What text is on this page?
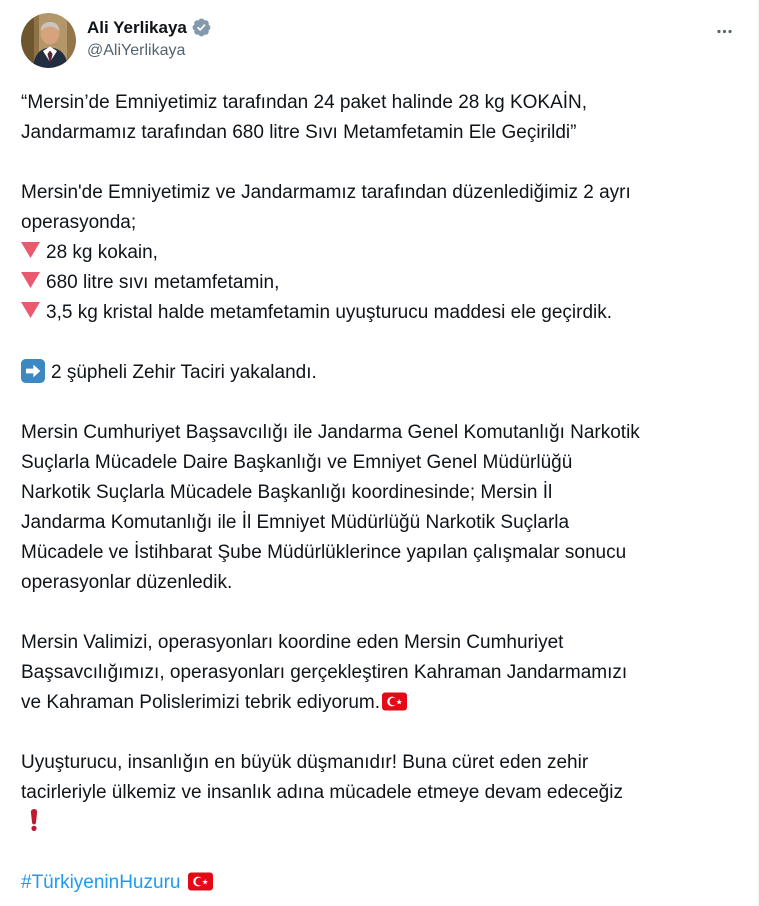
Ali Yerlikaya
@AliYerlikaya

“Mersin’de Emniyetimiz tarafından 24 paket halinde 28 kg KOKAİN,
Jandarmamız tarafından 680 litre Sıvı Metamfetamin Ele Geçirildi”

Mersin'de Emniyetimiz ve Jandarmamız tarafından düzenlediğimiz 2 ayrı
operasyonda;
28 kg kokain,
680 litre sıvı metamfetamin,
3,5 kg kristal halde metamfetamin uyuşturucu maddesi ele geçirdik.

2 şüpheli Zehir Taciri yakalandı.

Mersin Cumhuriyet Başsavcılığı ile Jandarma Genel Komutanlığı Narkotik
Suçlarla Mücadele Daire Başkanlığı ve Emniyet Genel Müdürlüğü
Narkotik Suçlarla Mücadele Başkanlığı koordinesinde; Mersin İl
Jandarma Komutanlığı ile İl Emniyet Müdürlüğü Narkotik Suçlarla
Mücadele ve İstihbarat Şube Müdürlüklerince yapılan çalışmalar sonucu
operasyonlar düzenledik.

Mersin Valimizi, operasyonları koordine eden Mersin Cumhuriyet
Başsavcılığımızı, operasyonları gerçekleştiren Kahraman Jandarmamızı
ve Kahraman Polislerimizi tebrik ediyorum.

Uyuşturucu, insanlığın en büyük düşmanıdır! Buna cüret eden zehir
tacirleriyle ülkemiz ve insanlık adına mücadele etmeye devam edeceğiz

#TürkiyeninHuzuru
